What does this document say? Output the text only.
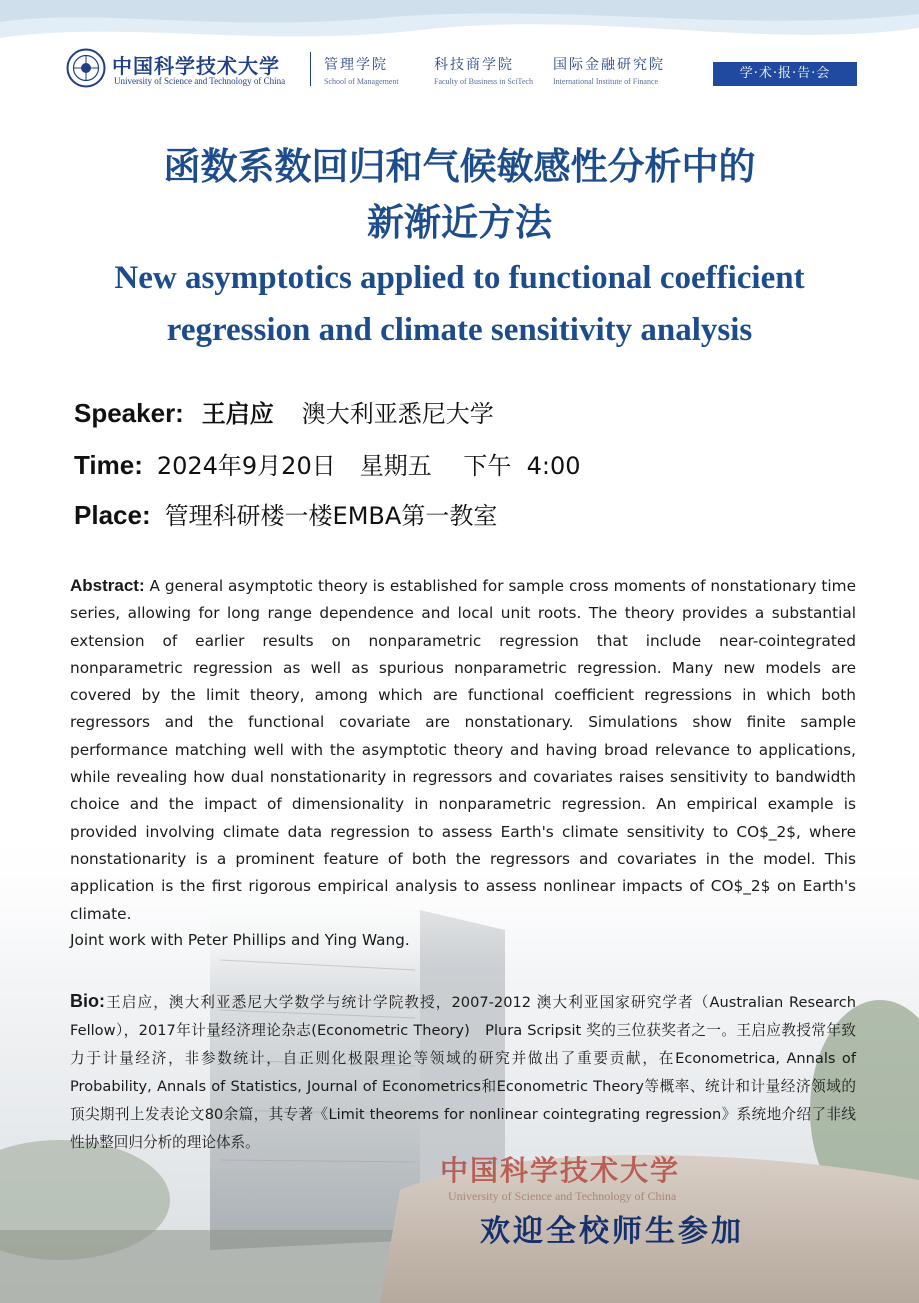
中国科学技术大学
University of Science and Technology of China
管理学院
School of Management
科技商学院
Faculty of Business in SciTech
国际金融研究院
International Institute of Finance
学·术·报·告·会
函数系数回归和气候敏感性分析中的
新渐近方法
New asymptotics applied to functional coefficient
regression and climate sensitivity analysis
Speaker: 王启应 澳大利亚悉尼大学
Time: 2024年9月20日　星期五　 下午  4:00
Place: 管理科研楼一楼EMBA第一教室
Abstract: A general asymptotic theory is established for sample cross moments of nonstationary time series, allowing for long range dependence and local unit roots. The theory provides a substantial extension of earlier results on nonparametric regression that include near-cointegrated nonparametric regression as well as spurious nonparametric regression. Many new models are covered by the limit theory, among which are functional coefficient regressions in which both regressors and the functional covariate are nonstationary. Simulations show finite sample performance matching well with the asymptotic theory and having broad relevance to applications, while revealing how dual nonstationarity in regressors and covariates raises sensitivity to bandwidth choice and the impact of dimensionality in nonparametric regression. An empirical example is provided involving climate data regression to assess Earth's climate sensitivity to CO$_2$, where nonstationarity is a prominent feature of both the regressors and covariates in the model. This application is the first rigorous empirical analysis to assess nonlinear impacts of CO$_2$ on Earth's climate.
Joint work with Peter Phillips and Ying Wang.
Bio:王启应，澳大利亚悉尼大学数学与统计学院教授，2007-2012 澳大利亚国家研究学者（Australian Research Fellow），2017年计量经济理论杂志(Econometric Theory)　Plura Scripsit 奖的三位获奖者之一。王启应教授常年致力于计量经济，非参数统计，自正则化极限理论等领域的研究并做出了重要贡献，在Econometrica, Annals of Probability, Annals of Statistics, Journal of Econometrics和Econometric Theory等概率、统计和计量经济领域的顶尖期刊上发表论文80余篇，其专著《Limit theorems for nonlinear cointegrating regression》系统地介绍了非线性协整回归分析的理论体系。
中国科学技术大学
University of Science and Technology of China
欢迎全校师生参加
